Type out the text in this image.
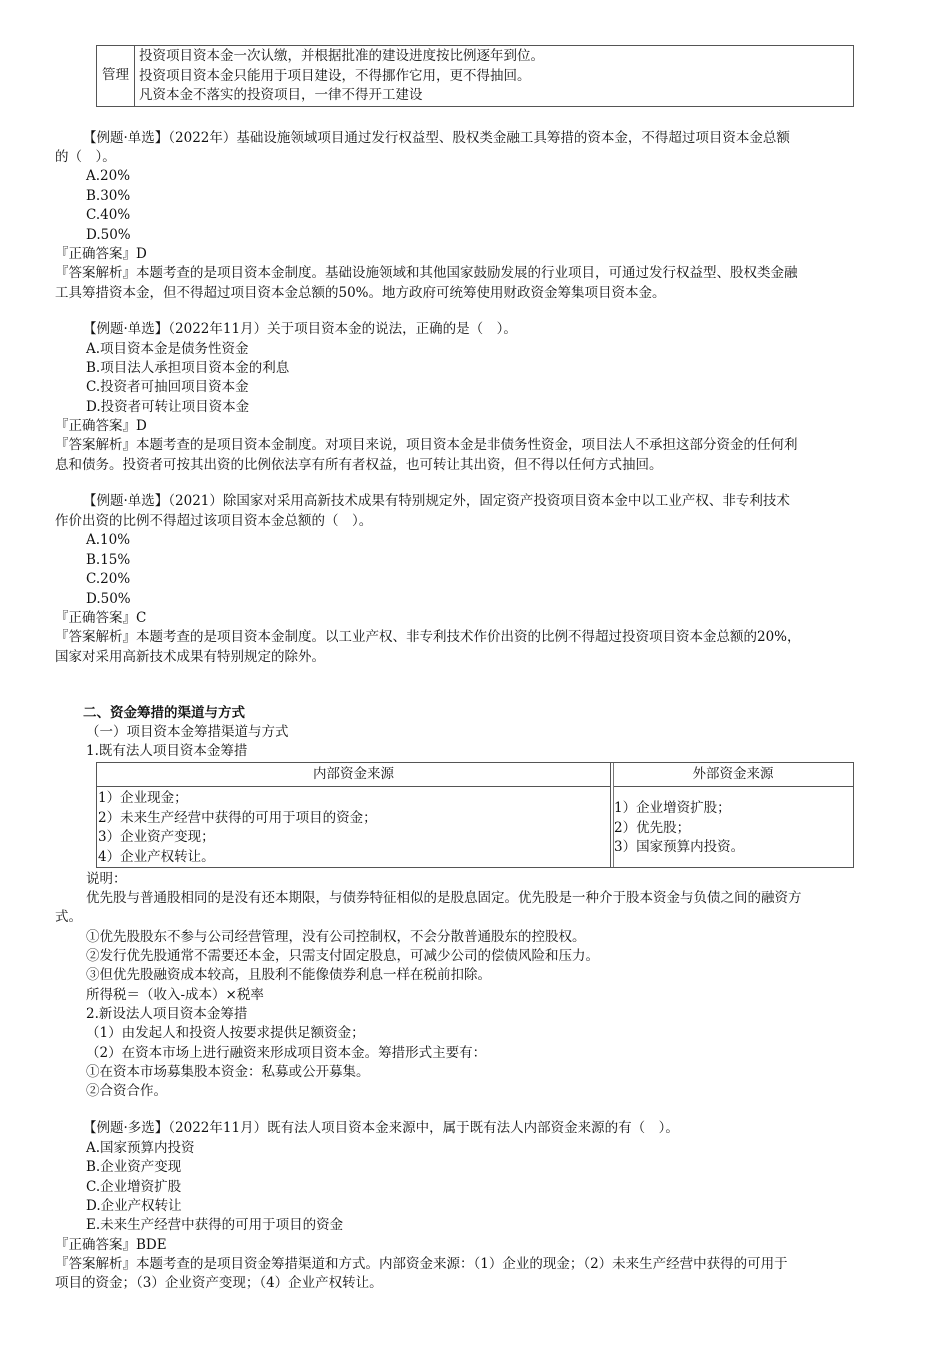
管理
投资项目资本金一次认缴，并根据批准的建设进度按比例逐年到位。
投资项目资本金只能用于项目建设，不得挪作它用，更不得抽回。
凡资本金不落实的投资项目，一律不得开工建设
【例题·单选】（2022年）基础设施领域项目通过发行权益型、股权类金融工具筹措的资本金，不得超过项目资本金总额
的（　）。
A.20%
B.30%
C.40%
D.50%
『正确答案』D
『答案解析』本题考查的是项目资本金制度。基础设施领域和其他国家鼓励发展的行业项目，可通过发行权益型、股权类金融
工具筹措资本金，但不得超过项目资本金总额的50%。地方政府可统筹使用财政资金筹集项目资本金。
【例题·单选】（2022年11月）关于项目资本金的说法，正确的是（　）。
A.项目资本金是债务性资金
B.项目法人承担项目资本金的利息
C.投资者可抽回项目资本金
D.投资者可转让项目资本金
『正确答案』D
『答案解析』本题考查的是项目资本金制度。对项目来说，项目资本金是非债务性资金，项目法人不承担这部分资金的任何利
息和债务。投资者可按其出资的比例依法享有所有者权益，也可转让其出资，但不得以任何方式抽回。
【例题·单选】（2021）除国家对采用高新技术成果有特别规定外，固定资产投资项目资本金中以工业产权、非专利技术
作价出资的比例不得超过该项目资本金总额的（　）。
A.10%
B.15%
C.20%
D.50%
『正确答案』C
『答案解析』本题考查的是项目资本金制度。以工业产权、非专利技术作价出资的比例不得超过投资项目资本金总额的20%，
国家对采用高新技术成果有特别规定的除外。
二、资金筹措的渠道与方式
（一）项目资本金筹措渠道与方式
1.既有法人项目资本金筹措
内部资金来源	外部资金来源
1）企业现金；
2）未来生产经营中获得的可用于项目的资金；
3）企业资产变现；
4）企业产权转让。
1）企业增资扩股；
2）优先股；
3）国家预算内投资。
说明：
优先股与普通股相同的是没有还本期限，与债券特征相似的是股息固定。优先股是一种介于股本资金与负债之间的融资方
式。
①优先股股东不参与公司经营管理，没有公司控制权，不会分散普通股东的控股权。
②发行优先股通常不需要还本金，只需支付固定股息，可减少公司的偿债风险和压力。
③但优先股融资成本较高，且股利不能像债券利息一样在税前扣除。
所得税＝（收入-成本）×税率
2.新设法人项目资本金筹措
（1）由发起人和投资人按要求提供足额资金；
（2）在资本市场上进行融资来形成项目资本金。筹措形式主要有：
①在资本市场募集股本资金：私募或公开募集。
②合资合作。
【例题·多选】（2022年11月）既有法人项目资本金来源中，属于既有法人内部资金来源的有（　）。
A.国家预算内投资
B.企业资产变现
C.企业增资扩股
D.企业产权转让
E.未来生产经营中获得的可用于项目的资金
『正确答案』BDE
『答案解析』本题考查的是项目资金筹措渠道和方式。内部资金来源：（1）企业的现金；（2）未来生产经营中获得的可用于
项目的资金；（3）企业资产变现；（4）企业产权转让。
